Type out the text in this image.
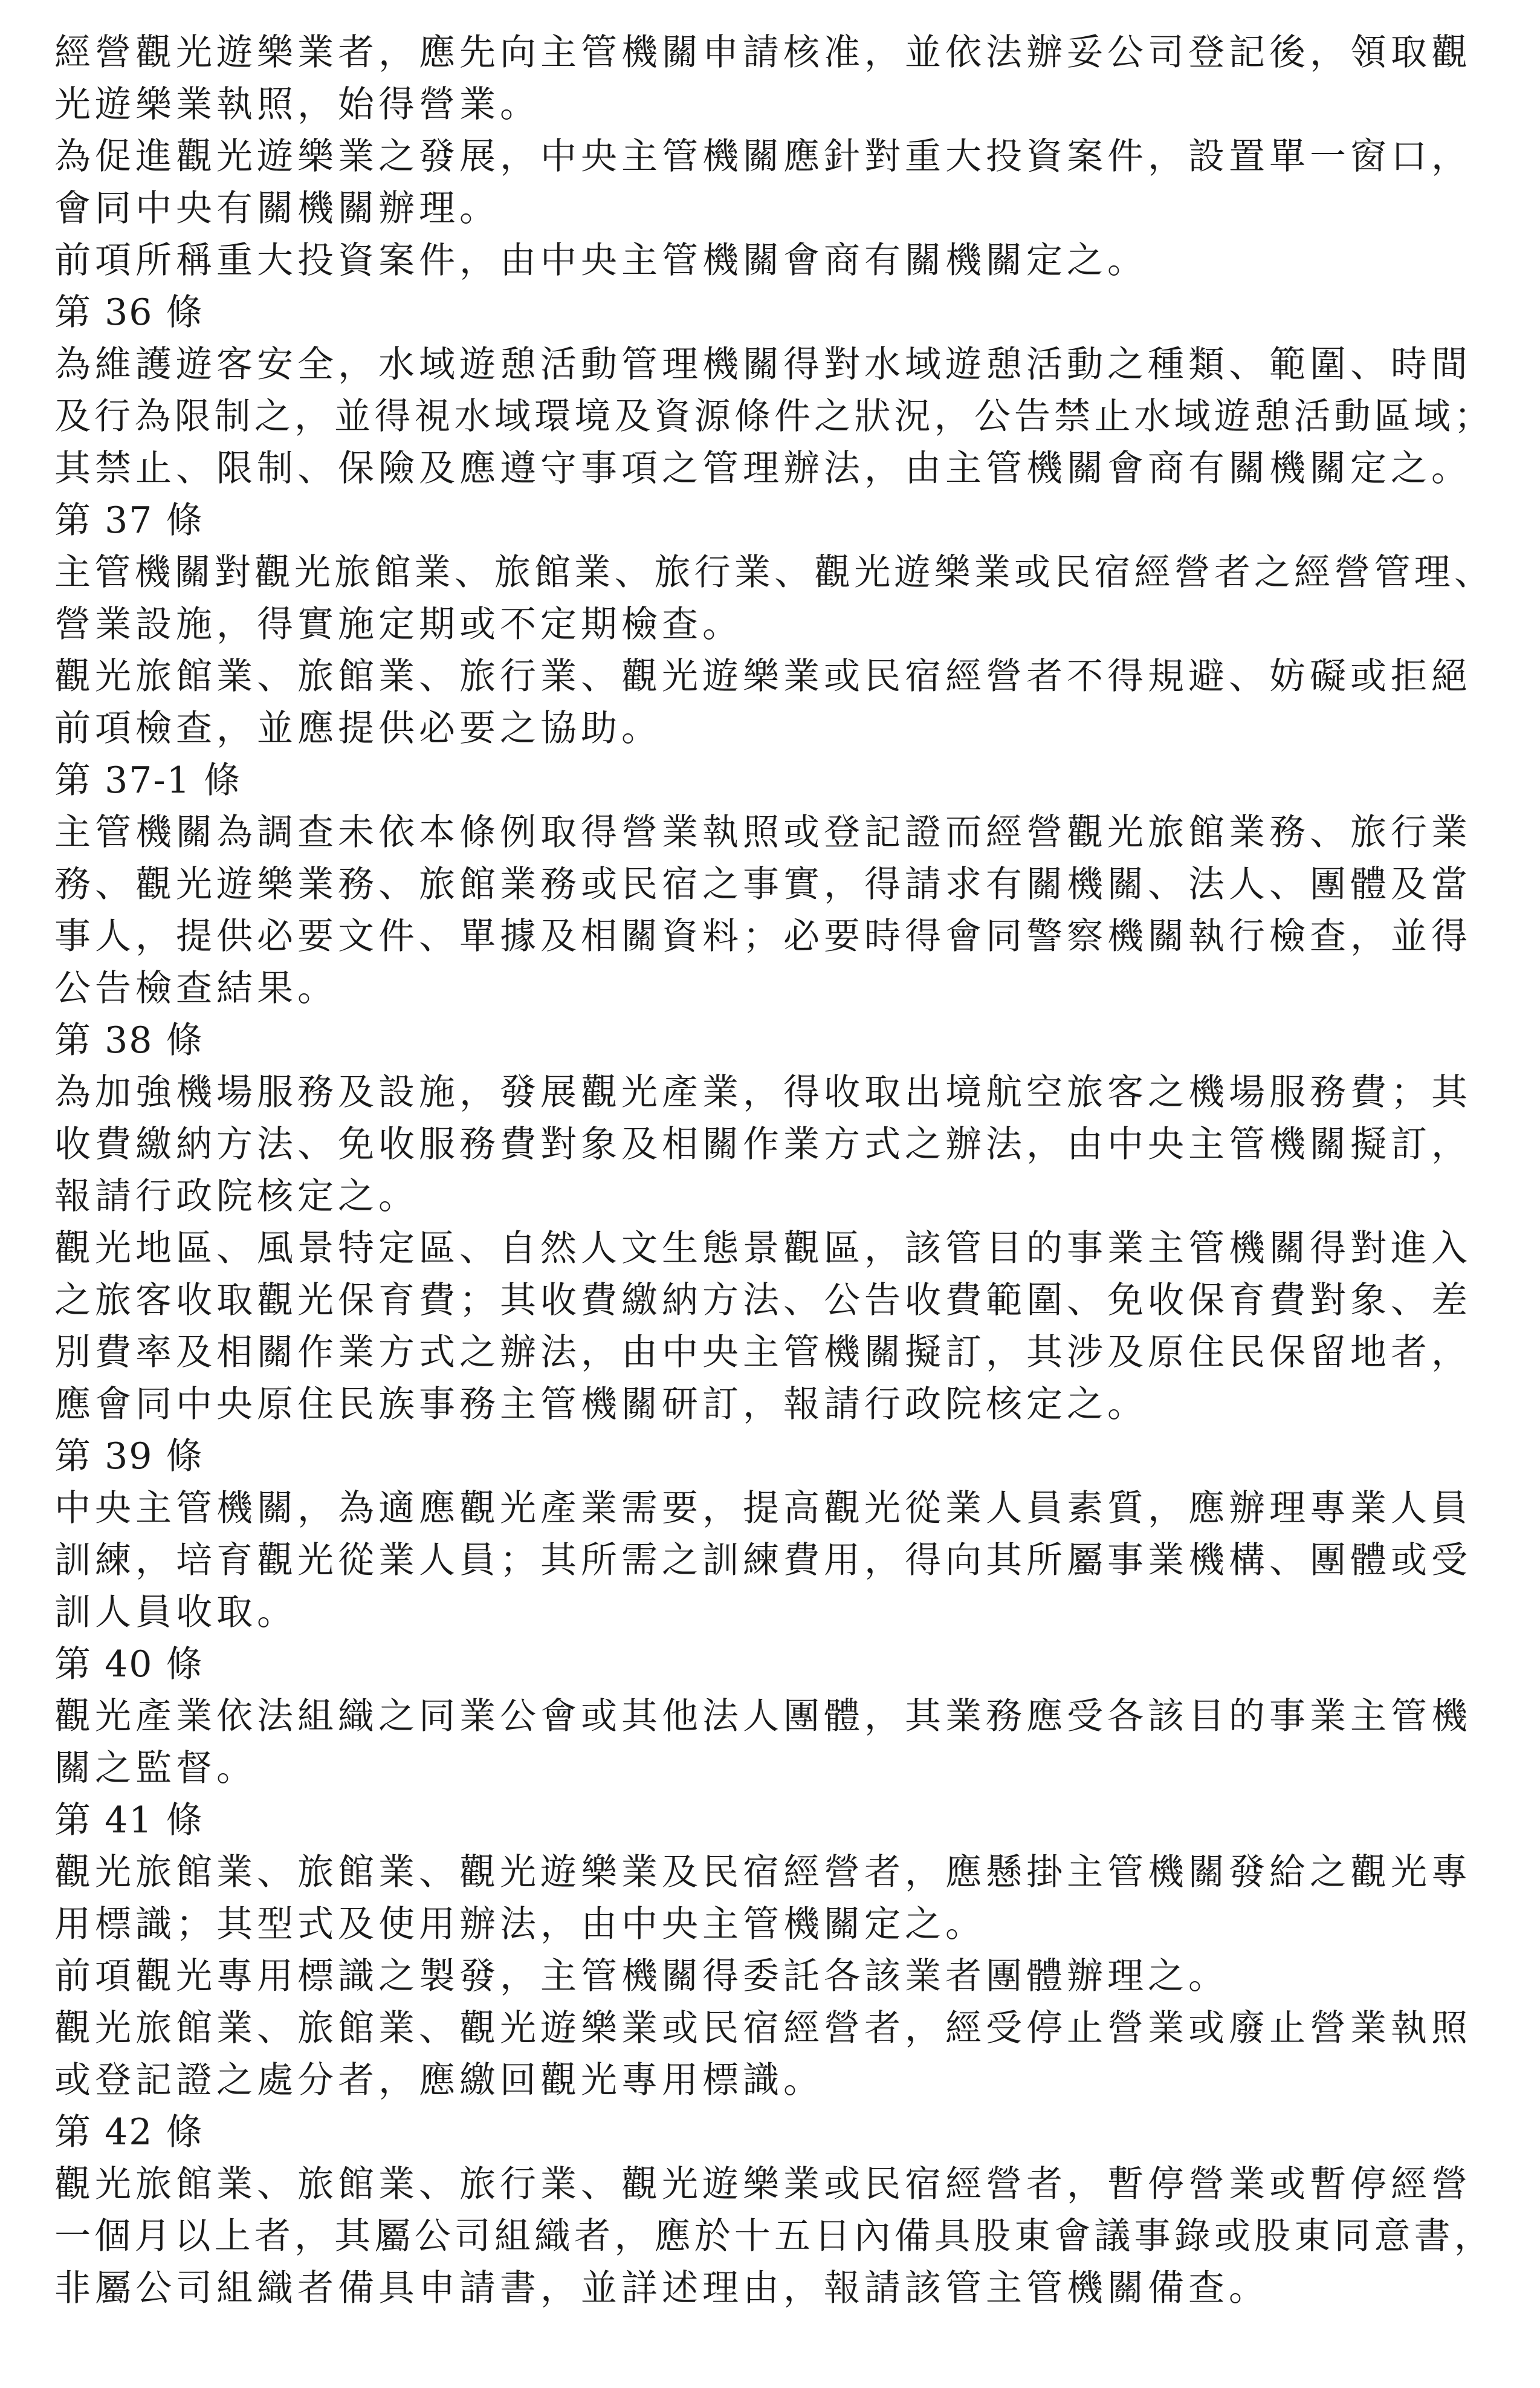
經營觀光遊樂業者，應先向主管機關申請核准，並依法辦妥公司登記後，領取觀
光遊樂業執照，始得營業。
為促進觀光遊樂業之發展，中央主管機關應針對重大投資案件，設置單一窗口，
會同中央有關機關辦理。
前項所稱重大投資案件，由中央主管機關會商有關機關定之。
第 36 條
為維護遊客安全，水域遊憩活動管理機關得對水域遊憩活動之種類、範圍、時間
及行為限制之，並得視水域環境及資源條件之狀況，公告禁止水域遊憩活動區域；
其禁止、限制、保險及應遵守事項之管理辦法，由主管機關會商有關機關定之。
第 37 條
主管機關對觀光旅館業、旅館業、旅行業、觀光遊樂業或民宿經營者之經營管理、
營業設施，得實施定期或不定期檢查。
觀光旅館業、旅館業、旅行業、觀光遊樂業或民宿經營者不得規避、妨礙或拒絕
前項檢查，並應提供必要之協助。
第 37-1 條
主管機關為調查未依本條例取得營業執照或登記證而經營觀光旅館業務、旅行業
務、觀光遊樂業務、旅館業務或民宿之事實，得請求有關機關、法人、團體及當
事人，提供必要文件、單據及相關資料；必要時得會同警察機關執行檢查，並得
公告檢查結果。
第 38 條
為加強機場服務及設施，發展觀光產業，得收取出境航空旅客之機場服務費；其
收費繳納方法、免收服務費對象及相關作業方式之辦法，由中央主管機關擬訂，
報請行政院核定之。
觀光地區、風景特定區、自然人文生態景觀區，該管目的事業主管機關得對進入
之旅客收取觀光保育費；其收費繳納方法、公告收費範圍、免收保育費對象、差
別費率及相關作業方式之辦法，由中央主管機關擬訂，其涉及原住民保留地者，
應會同中央原住民族事務主管機關研訂，報請行政院核定之。
第 39 條
中央主管機關，為適應觀光產業需要，提高觀光從業人員素質，應辦理專業人員
訓練，培育觀光從業人員；其所需之訓練費用，得向其所屬事業機構、團體或受
訓人員收取。
第 40 條
觀光產業依法組織之同業公會或其他法人團體，其業務應受各該目的事業主管機
關之監督。
第 41 條
觀光旅館業、旅館業、觀光遊樂業及民宿經營者，應懸掛主管機關發給之觀光專
用標識；其型式及使用辦法，由中央主管機關定之。
前項觀光專用標識之製發，主管機關得委託各該業者團體辦理之。
觀光旅館業、旅館業、觀光遊樂業或民宿經營者，經受停止營業或廢止營業執照
或登記證之處分者，應繳回觀光專用標識。
第 42 條
觀光旅館業、旅館業、旅行業、觀光遊樂業或民宿經營者，暫停營業或暫停經營
一個月以上者，其屬公司組織者，應於十五日內備具股東會議事錄或股東同意書，
非屬公司組織者備具申請書，並詳述理由，報請該管主管機關備查。
